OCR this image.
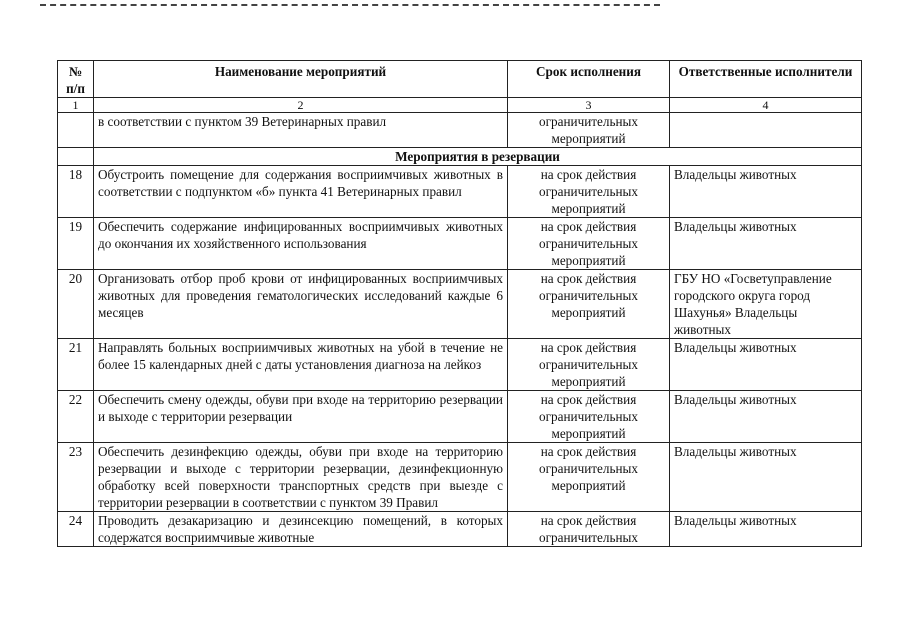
№ п/п	Наименование мероприятий	Срок исполнения	Ответственные исполнители
1	2	3	4
	в соответствии с пунктом 39 Ветеринарных правил	ограничительных мероприятий	
	Мероприятия в резервации		
18	Обустроить помещение для содержания восприимчивых животных в соответствии с подпунктом «б» пункта 41 Ветеринарных правил	на срок действия ограничительных мероприятий	Владельцы животных
19	Обеспечить содержание инфицированных восприимчивых животных до окончания их хозяйственного использования	на срок действия ограничительных мероприятий	Владельцы животных
20	Организовать отбор проб крови от инфицированных восприимчивых животных для проведения гематологических исследований каждые 6 месяцев	на срок действия ограничительных мероприятий	ГБУ НО «Госветуправление городского округа город Шахунья» Владельцы животных
21	Направлять больных восприимчивых животных на убой в течение не более 15 календарных дней с даты установления диагноза на лейкоз	на срок действия ограничительных мероприятий	Владельцы животных
22	Обеспечить смену одежды, обуви при входе на территорию резервации и выходе с территории резервации	на срок действия ограничительных мероприятий	Владельцы животных
23	Обеспечить дезинфекцию одежды, обуви при входе на территорию резервации и выходе с территории резервации, дезинфекционную обработку всей поверхности транспортных средств при выезде с территории резервации в соответствии с пунктом 39 Правил	на срок действия ограничительных мероприятий	Владельцы животных
24	Проводить дезакаризацию и дезинсекцию помещений, в которых содержатся восприимчивые животные	на срок действия ограничительных	Владельцы животных
